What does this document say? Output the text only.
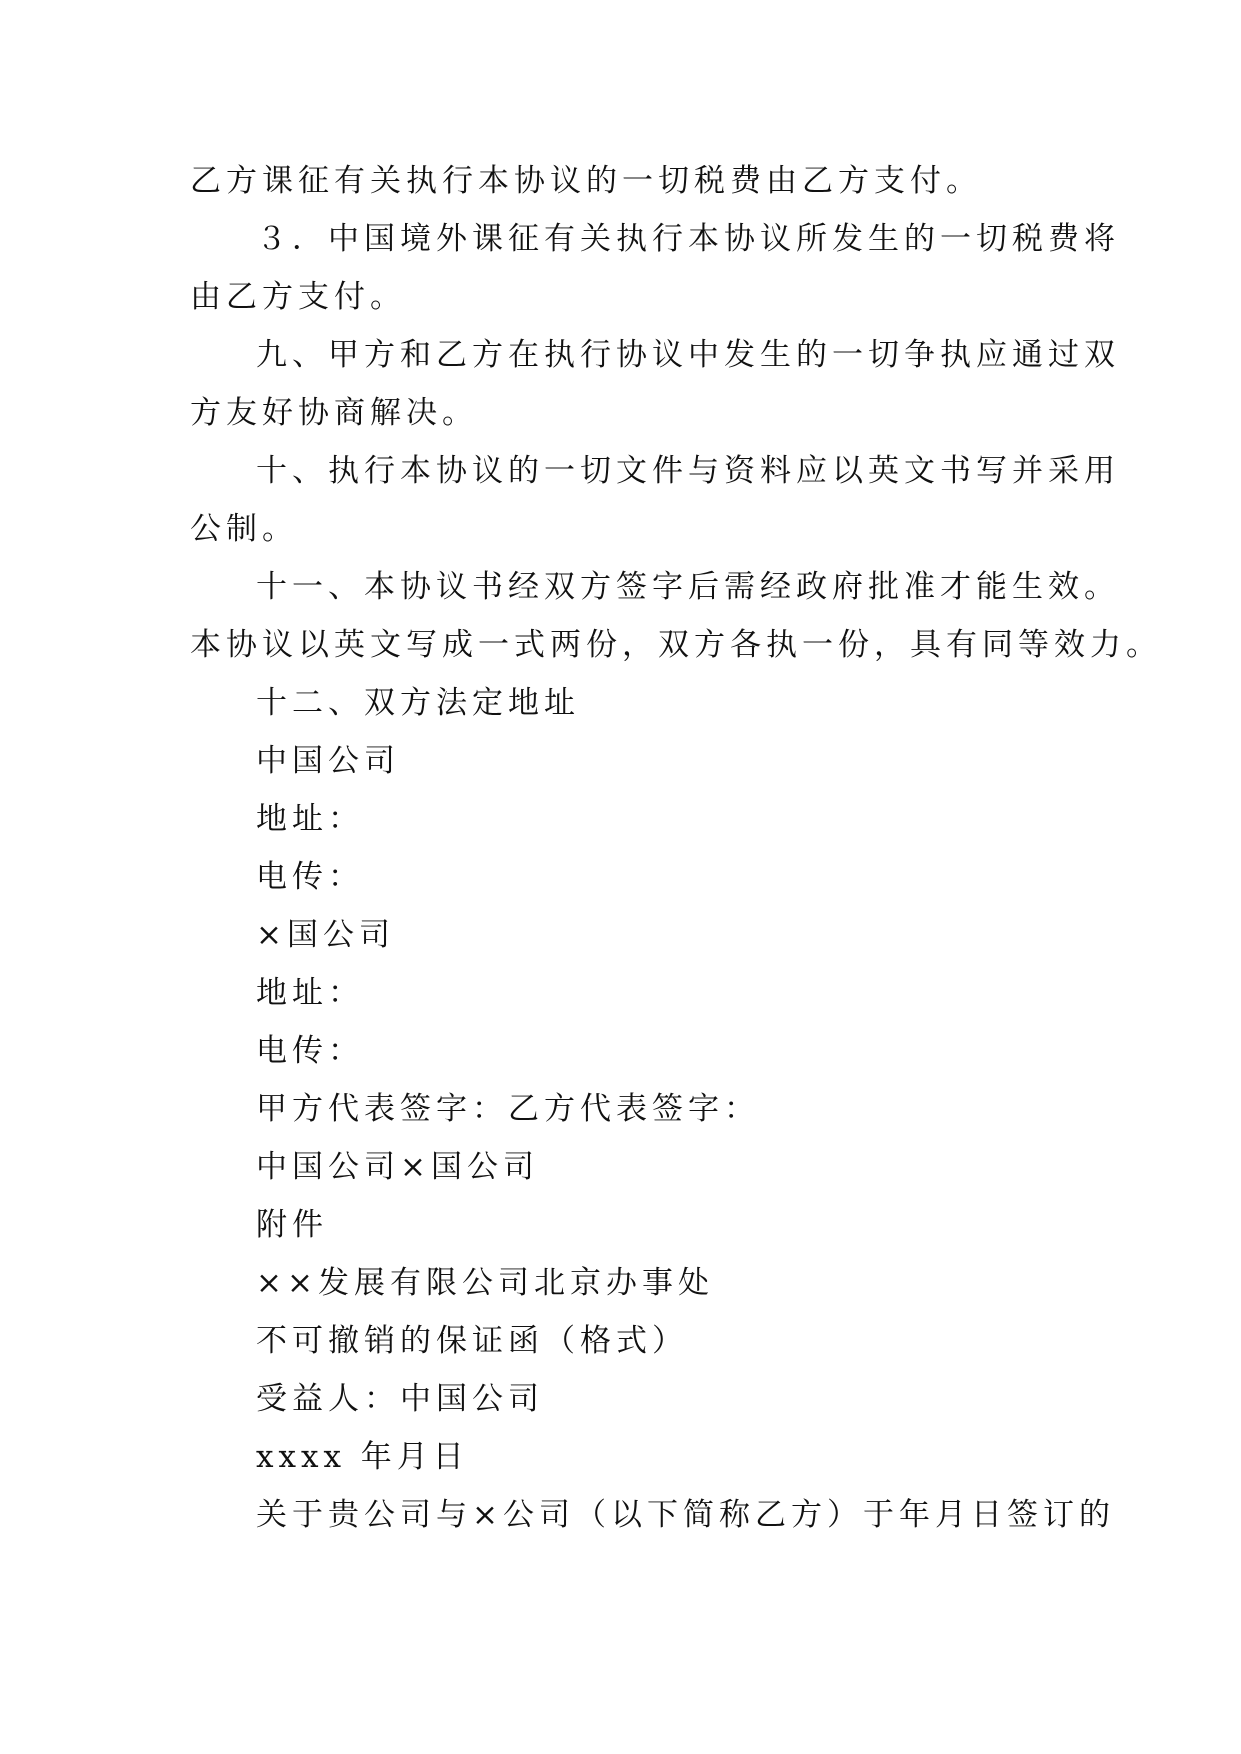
乙方课征有关执行本协议的一切税费由乙方支付。
３．中国境外课征有关执行本协议所发生的一切税费将
由乙方支付。
九、甲方和乙方在执行协议中发生的一切争执应通过双
方友好协商解决。
十、执行本协议的一切文件与资料应以英文书写并采用
公制。
十一、本协议书经双方签字后需经政府批准才能生效。
本协议以英文写成一式两份，双方各执一份，具有同等效力。
十二、双方法定地址
中国公司
地址：
电传：
×国公司
地址：
电传：
甲方代表签字：乙方代表签字：
中国公司×国公司
附件
××发展有限公司北京办事处
不可撤销的保证函（格式）
受益人：中国公司
xxxx 年月日
关于贵公司与×公司（以下简称乙方）于年月日签订的
